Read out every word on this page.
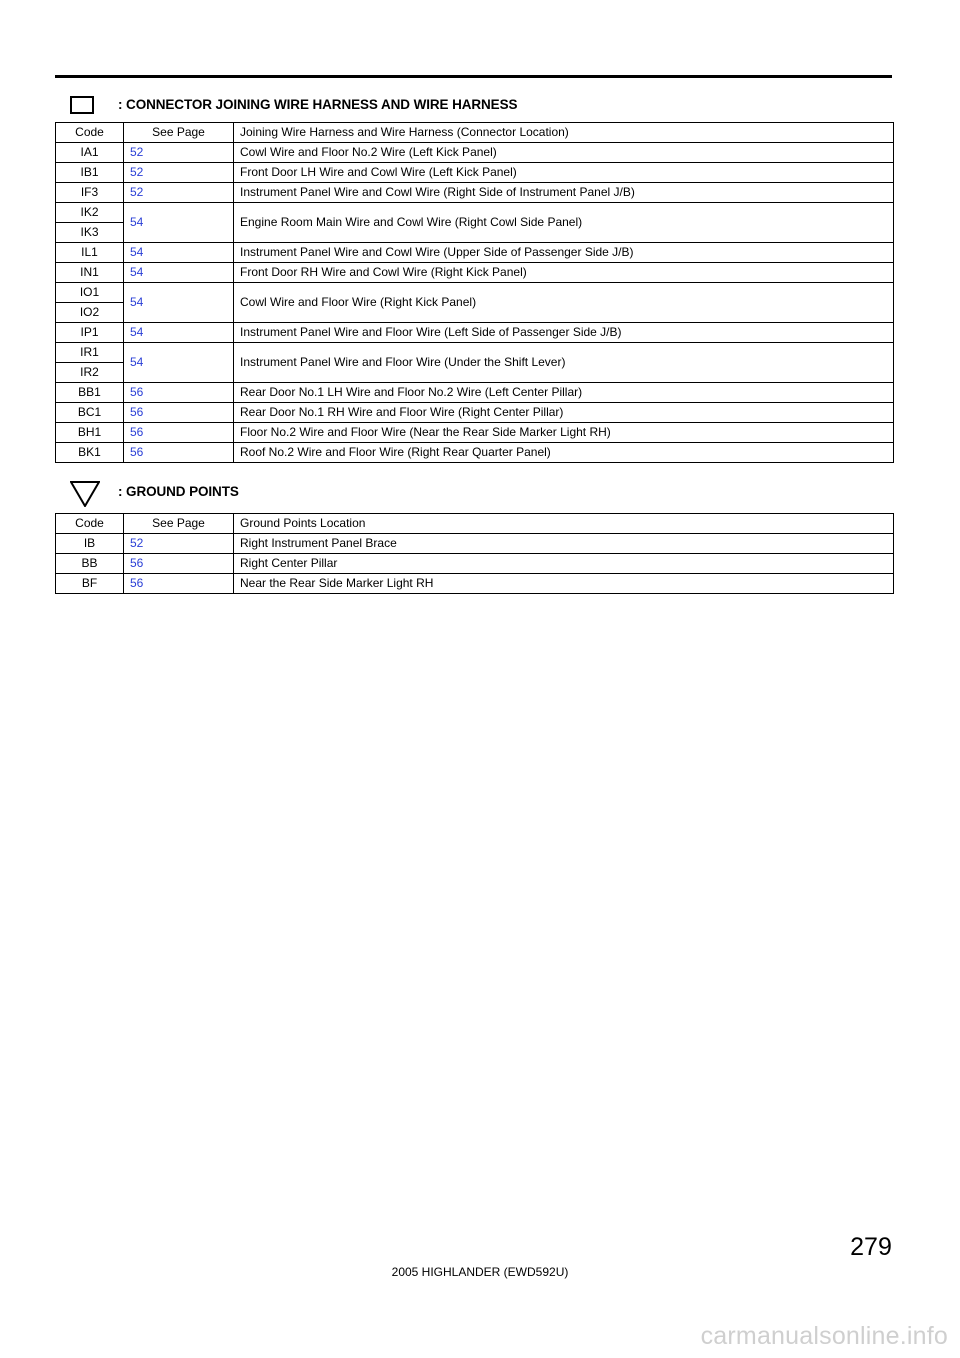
: CONNECTOR JOINING WIRE HARNESS AND WIRE HARNESS
Code	See Page	Joining Wire Harness and Wire Harness (Connector Location)
IA1	52	Cowl Wire and Floor No.2 Wire (Left Kick Panel)
IB1	52	Front Door LH Wire and Cowl Wire (Left Kick Panel)
IF3	52	Instrument Panel Wire and Cowl Wire (Right Side of Instrument Panel J/B)
IK2	54	Engine Room Main Wire and Cowl Wire (Right Cowl Side Panel)
IK3		
IL1	54	Instrument Panel Wire and Cowl Wire (Upper Side of Passenger Side J/B)
IN1	54	Front Door RH Wire and Cowl Wire (Right Kick Panel)
IO1	54	Cowl Wire and Floor Wire (Right Kick Panel)
IO2		
IP1	54	Instrument Panel Wire and Floor Wire (Left Side of Passenger Side J/B)
IR1	54	Instrument Panel Wire and Floor Wire (Under the Shift Lever)
IR2		
BB1	56	Rear Door No.1 LH Wire and Floor No.2 Wire (Left Center Pillar)
BC1	56	Rear Door No.1 RH Wire and Floor Wire (Right Center Pillar)
BH1	56	Floor No.2 Wire and Floor Wire (Near the Rear Side Marker Light RH)
BK1	56	Roof No.2 Wire and Floor Wire (Right Rear Quarter Panel)
: GROUND POINTS
Code	See Page	Ground Points Location
IB	52	Right Instrument Panel Brace
BB	56	Right Center Pillar
BF	56	Near the Rear Side Marker Light RH
279
2005 HIGHLANDER (EWD592U)
carmanualsonline.info
